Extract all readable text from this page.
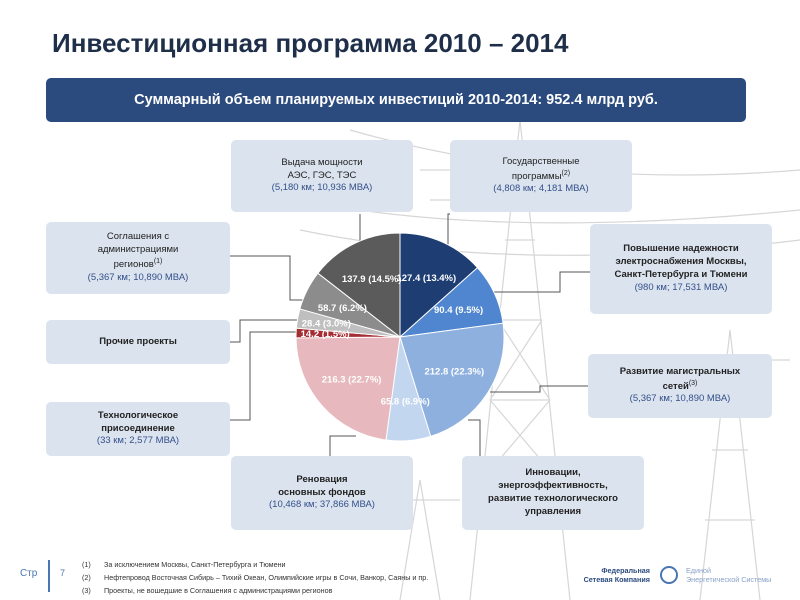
Инвестиционная программа 2010 – 2014
Суммарный объем планируемых инвестиций 2010-2014: 952.4 млрд руб.
Выдача мощности
АЭС, ГЭС, ТЭС
(5,180 км; 10,936 МВА)
Государственные
программы$^{(2)}$
(4,808 км; 4,181 МВА)
Повышение надежности
электроснабжения Москвы,
Санкт-Петербурга и Тюмени
(980 км; 17,531 МВА)
Развитие магистральных
сетей$^{(3)}$
(5,367 км; 10,890 МВА)
Инновации,
энергоэффективность,
развитие технологического
управления
Реновация
основных фондов
(10,468 км; 37,866 МВА)
Технологическое
присоединение
(33 км; 2,577 МВА)
Прочие проекты
Соглашения с
администрациями
регионов$^{(1)}$
(5,367 км; 10,890 МВА)	127.4 (13.4%)
90.4 (9.5%)
212.8 (22.3%)
65.8 (6.9%)
216.3 (22.7%)
14.2 (1.5%)
28.4 (3.0%)
58.7 (6.2%)
137.9 (14.5%)
Стр	7
(1) За исключением Москвы, Санкт-Петербурга и Тюмени
(2) Нефтепровод Восточная Сибирь – Тихий Океан, Олимпийские игры в Сочи, Ванкор, Саяны и пр.
(3) Проекты, не вошедшие в Соглашения с администрациями регионов
Федеральная
Сетевая Компания
Единой
Энергетической Системы
